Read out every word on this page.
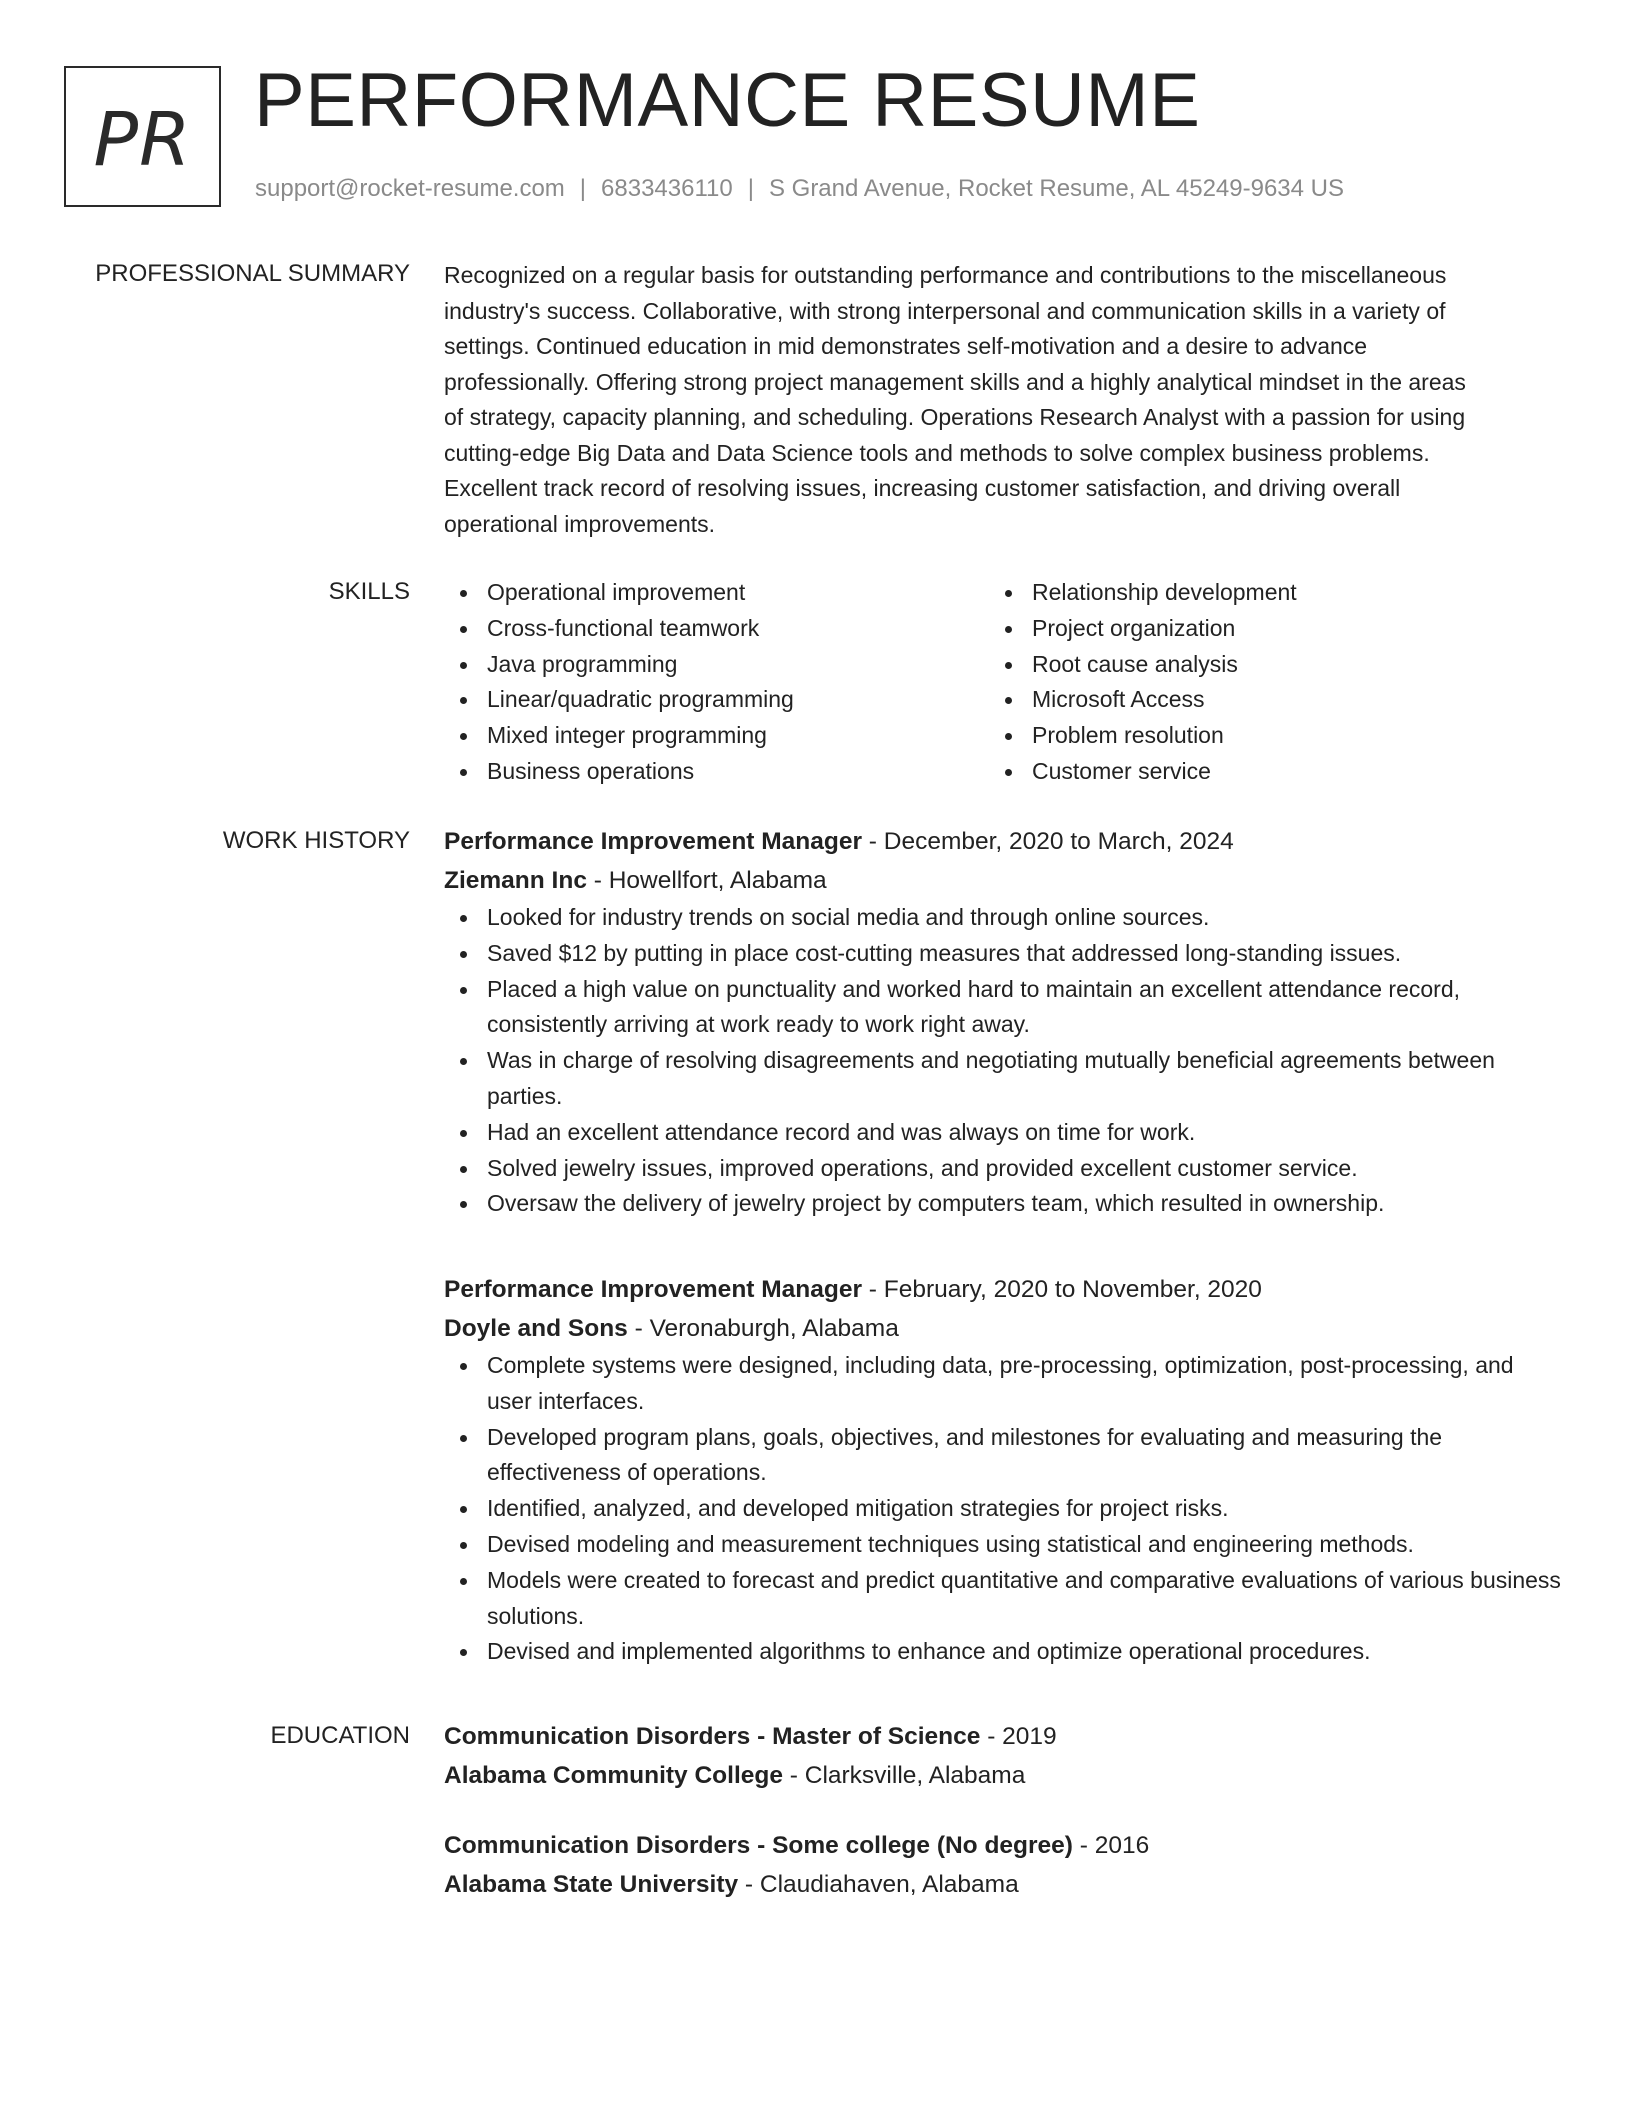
PR PERFORMANCE RESUME
support@rocket-resume.com | 6833436110 | S Grand Avenue, Rocket Resume, AL 45249-9634 US
PROFESSIONAL SUMMARY Recognized on a regular basis for outstanding performance and contributions to the miscellaneous
industry's success. Collaborative, with strong interpersonal and communication skills in a variety of
settings. Continued education in mid demonstrates self-motivation and a desire to advance
professionally. Offering strong project management skills and a highly analytical mindset in the areas
of strategy, capacity planning, and scheduling. Operations Research Analyst with a passion for using
cutting-edge Big Data and Data Science tools and methods to solve complex business problems.
Excellent track record of resolving issues, increasing customer satisfaction, and driving overall
operational improvements.
SKILLS	Operational improvement
Cross-functional teamwork
Java programming
Linear/quadratic programming
Mixed integer programming
Business operations
Relationship development
Project organization
Root cause analysis
Microsoft Access
Problem resolution
Customer service
WORK HISTORY Performance Improvement Manager - December, 2020 to March, 2024
Ziemann Inc - Howellfort, Alabama
Looked for industry trends on social media and through online sources.
Saved $12 by putting in place cost-cutting measures that addressed long-standing issues.
Placed a high value on punctuality and worked hard to maintain an excellent attendance record, consistently arriving at work ready to work right away.
Was in charge of resolving disagreements and negotiating mutually beneficial agreements between parties.
Had an excellent attendance record and was always on time for work.
Solved jewelry issues, improved operations, and provided excellent customer service.
Oversaw the delivery of jewelry project by computers team, which resulted in ownership.
Performance Improvement Manager - February, 2020 to November, 2020
Doyle and Sons - Veronaburgh, Alabama
Complete systems were designed, including data, pre-processing, optimization, post-processing, and user interfaces.
Developed program plans, goals, objectives, and milestones for evaluating and measuring the effectiveness of operations.
Identified, analyzed, and developed mitigation strategies for project risks.
Devised modeling and measurement techniques using statistical and engineering methods.
Models were created to forecast and predict quantitative and comparative evaluations of various business solutions.
Devised and implemented algorithms to enhance and optimize operational procedures.
EDUCATION Communication Disorders - Master of Science - 2019
Alabama Community College - Clarksville, Alabama
Communication Disorders - Some college (No degree) - 2016
Alabama State University - Claudiahaven, Alabama
